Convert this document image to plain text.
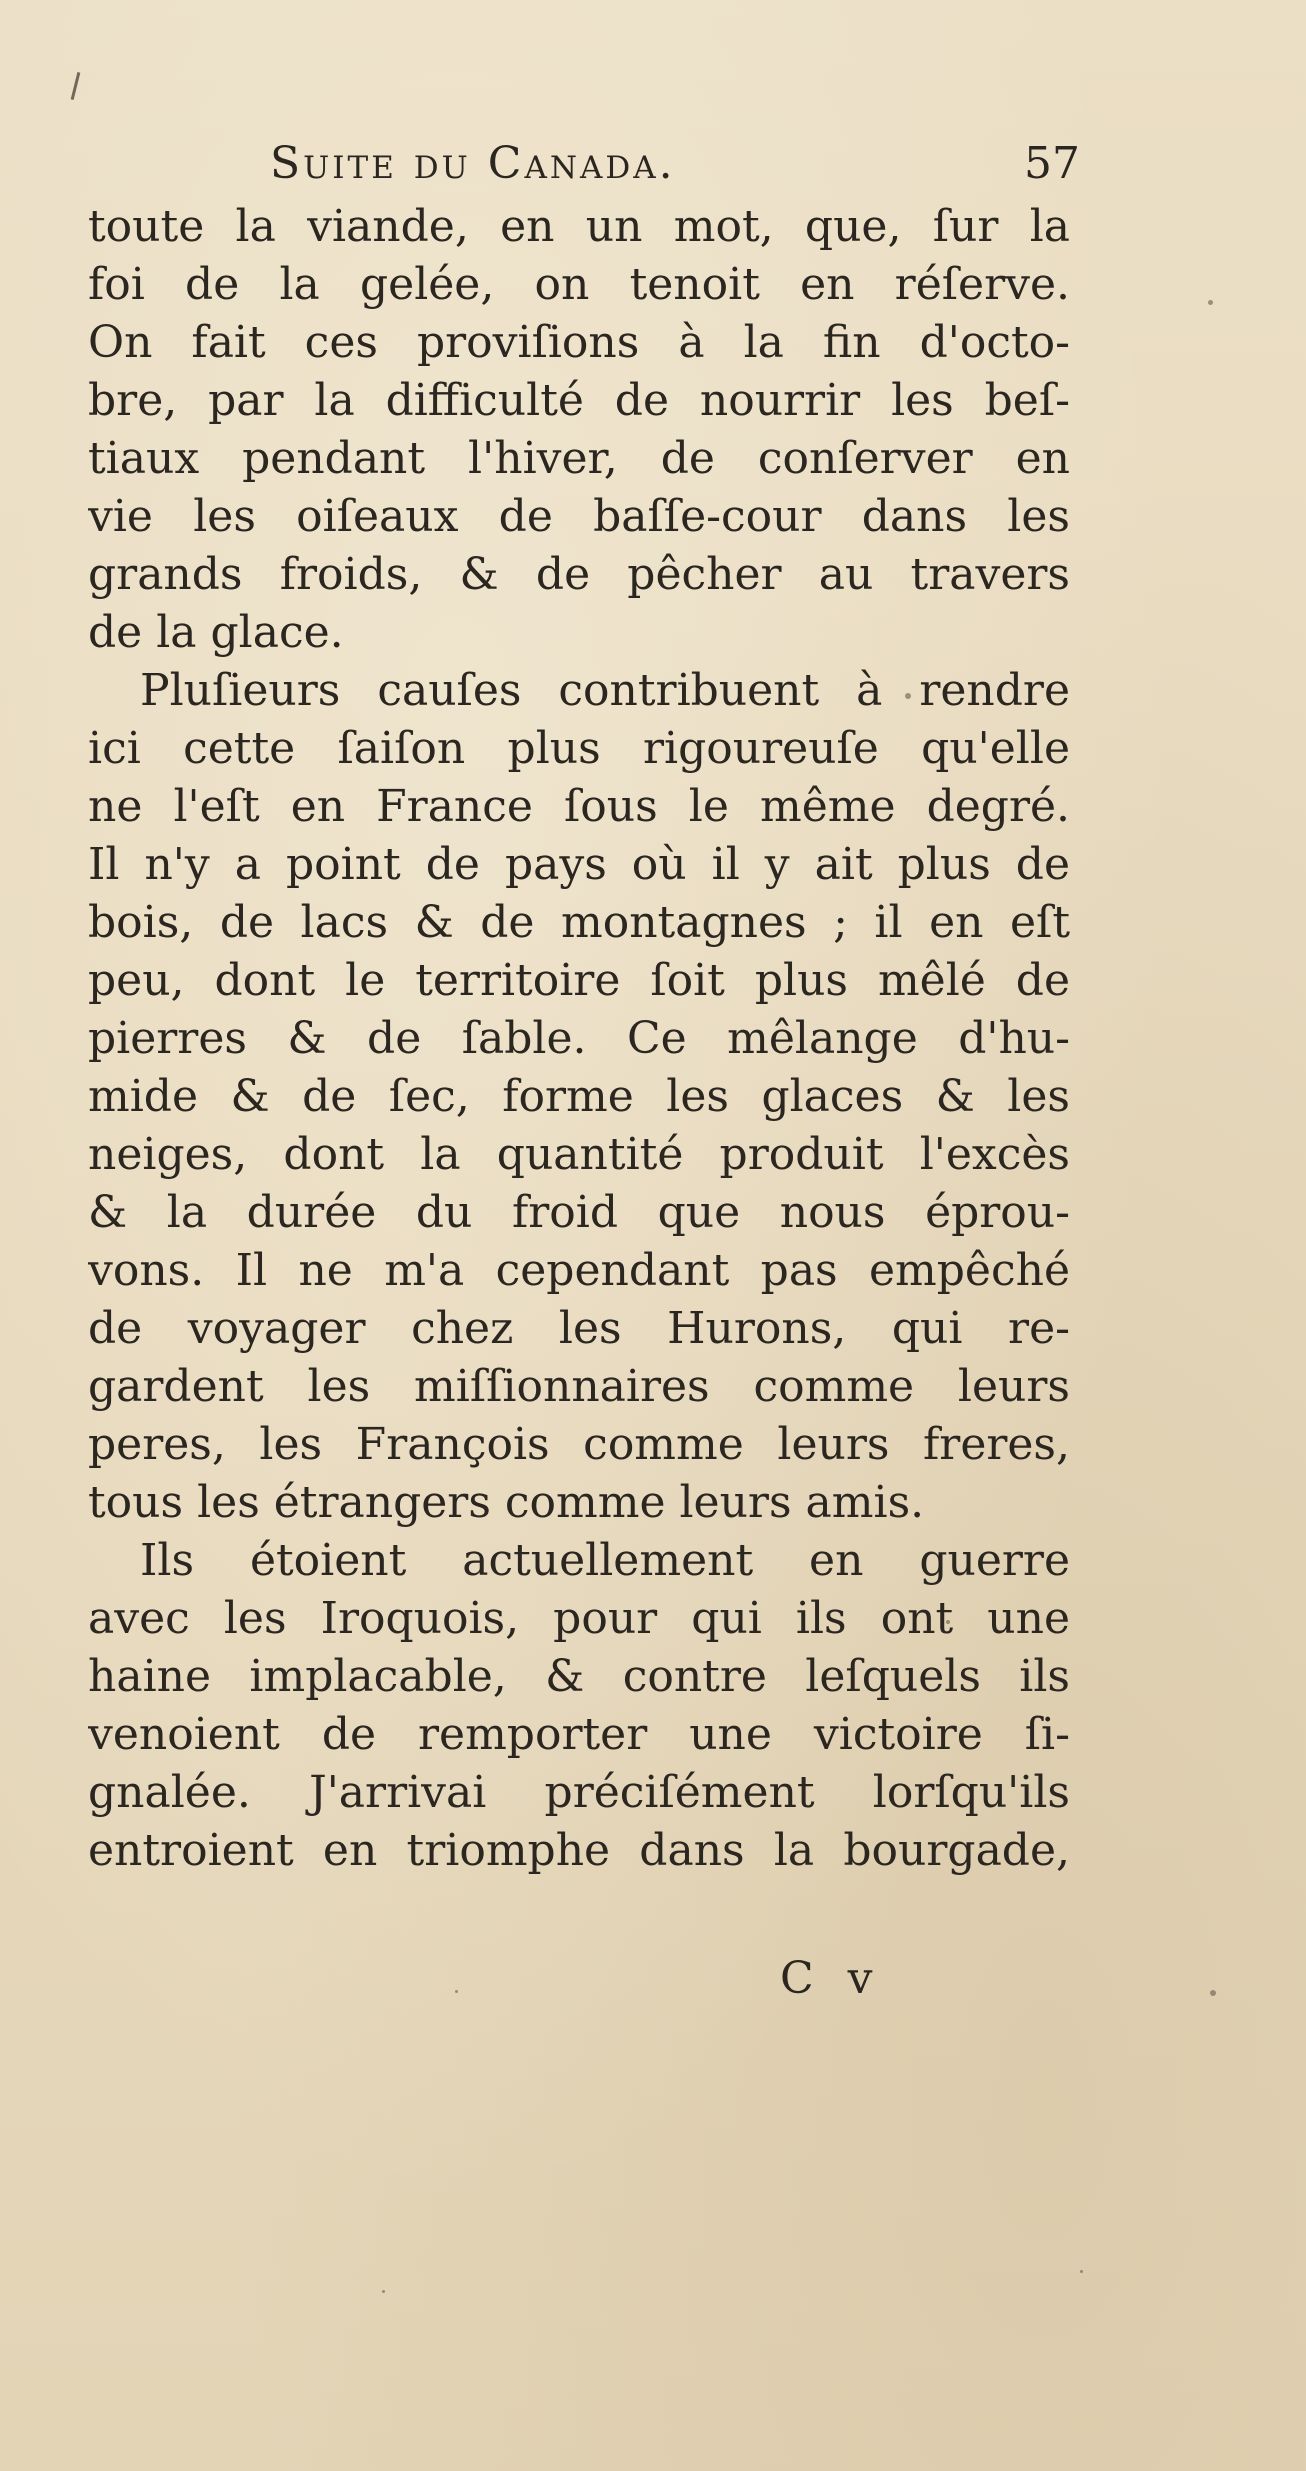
Suite du Canada.	57
toute la viande, en un mot, que, ſur la
foi de la gelée, on tenoit en réſerve.
On fait ces proviſions à la fin d'octo-
bre, par la difficulté de nourrir les beſ-
tiaux pendant l'hiver, de conſerver en
vie les oiſeaux de baſſe-cour dans les
grands froids, & de pêcher au travers
de la glace.
Pluſieurs cauſes contribuent à rendre
ici cette ſaiſon plus rigoureuſe qu'elle
ne l'eſt en France ſous le même degré.
Il n'y a point de pays où il y ait plus de
bois, de lacs & de montagnes ; il en eſt
peu, dont le territoire ſoit plus mêlé de
pierres & de ſable. Ce mêlange d'hu-
mide & de ſec, forme les glaces & les
neiges, dont la quantité produit l'excès
& la durée du froid que nous éprou-
vons. Il ne m'a cependant pas empêché
de voyager chez les Hurons, qui re-
gardent les miſſionnaires comme leurs
peres, les François comme leurs freres,
tous les étrangers comme leurs amis.
Ils étoient actuellement en guerre
avec les Iroquois, pour qui ils ont une
haine implacable, & contre leſquels ils
venoient de remporter une victoire ſi-
gnalée. J'arrivai préciſément lorſqu'ils
entroient en triomphe dans la bourgade,
C v
